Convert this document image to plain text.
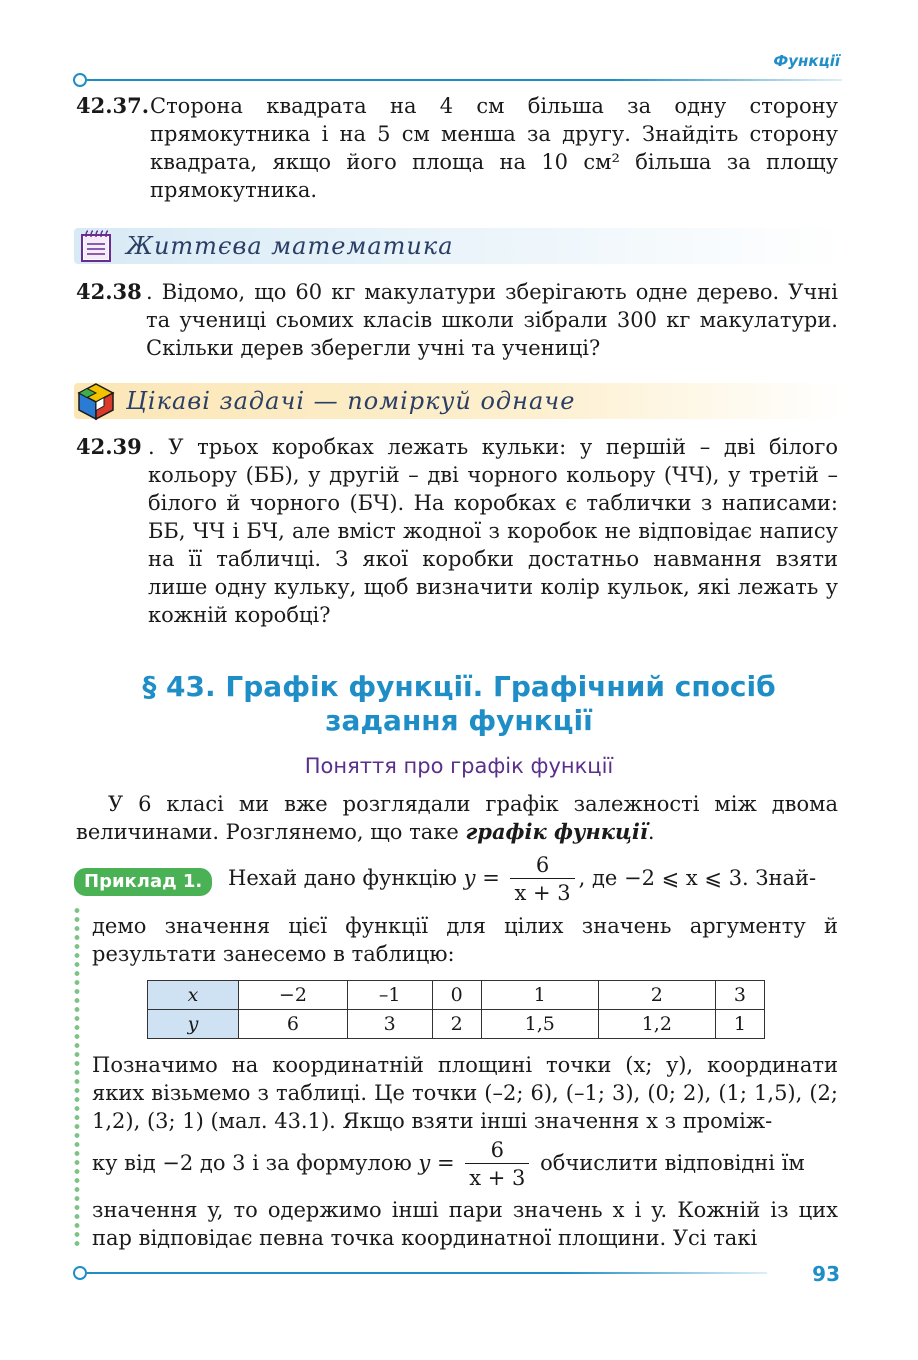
Функції
42.37. Сторона квадрата на 4 см більша за одну сторону прямокутника і на 5 см менша за другу. Знайдіть сторону квадрата, якщо його площа на 10 см² більша за площу прямокутника.
Життєва математика
42.38 . Відомо, що 60 кг макулатури зберігають одне дерево. Учні та учениці сьомих класів школи зібрали 300 кг макулатури. Скільки дерев зберегли учні та учениці?
Цікаві задачі — поміркуй одначе
42.39 . У трьох коробках лежать кульки: у першій – дві білого кольору (ББ), у другій – дві чорного кольору (ЧЧ), у третій – білого й чорного (БЧ). На коробках є таблички з написами: ББ, ЧЧ і БЧ, але вміст жодної з коробок не відповідає напису на її табличці. З якої коробки достатньо навмання взяти лише одну кульку, щоб визначити колір кульок, які лежать у кожній коробці?
§ 43. Графік функції. Графічний спосіб
задання функції
Поняття про графік функції
У 6 класі ми вже розглядали графік залежності між двома величинами. Розглянемо, що таке графік функції.
Приклад 1.	Нехай дано функцію $y = \frac{6}{x + 3}$ , де −2 ⩽ x ⩽ 3. Знай-
демо значення цієї функції для цілих значень аргументу й результати занесемо в таблицю:
x	−2	–1	0	1	2	3
y	6	3	2	1,5	1,2	1
Позначимо на координатній площині точки (x; y), координати яких візьмемо з таблиці. Це точки (–2; 6), (–1; 3), (0; 2), (1; 1,5), (2; 1,2), (3; 1) (мал. 43.1). Якщо взяти інші значення x з проміж-
ку від −2 до 3 і за формулою $y = \frac{6}{x + 3}$ обчислити відповідні їм
значення y, то одержимо інші пари значень x і y. Кожній із цих пар відповідає певна точка координатної площини. Усі такі
93
